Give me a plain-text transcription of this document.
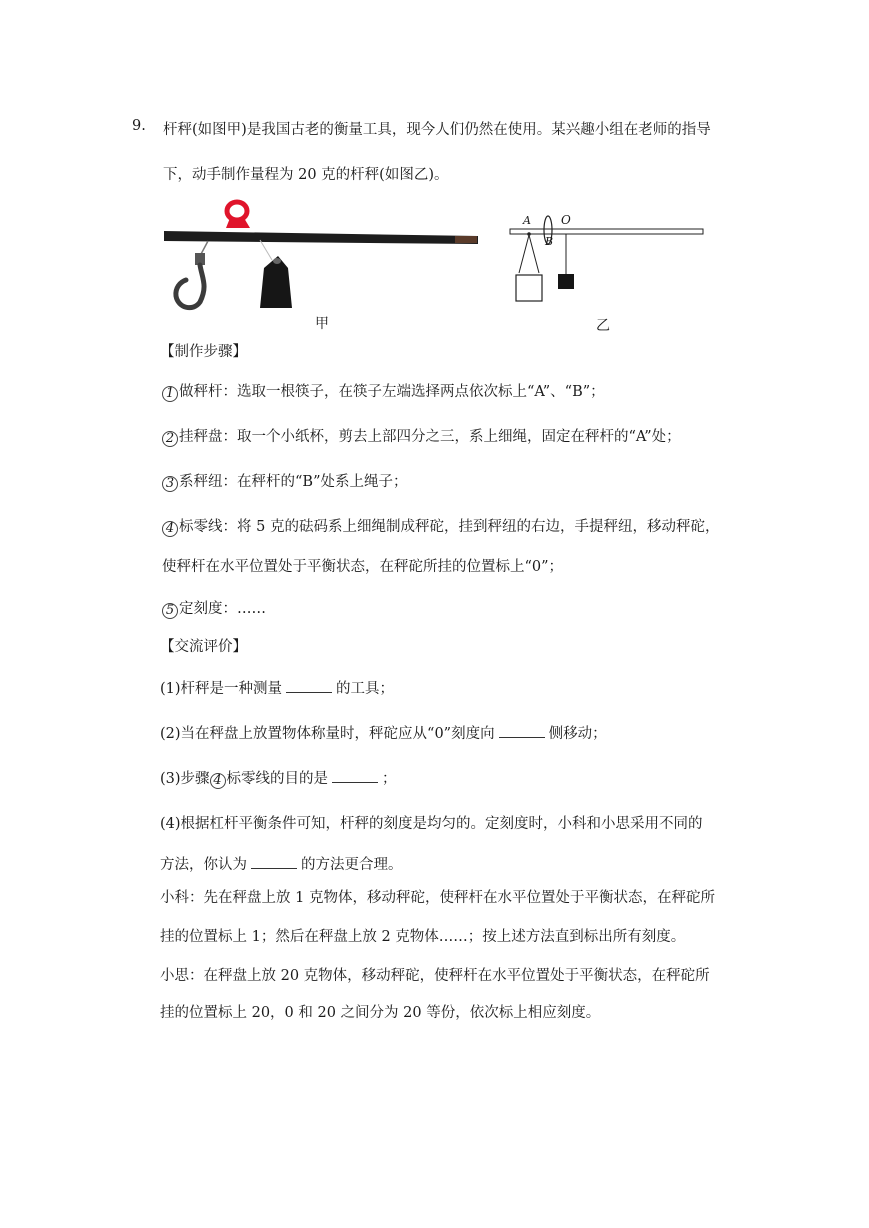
9. 杆秤(如图甲)是我国古老的衡量工具，现今人们仍然在使用。某兴趣小组在老师的指导
下，动手制作量程为 20 克的杆秤(如图乙)。
甲
A
B
O
乙
【制作步骤】
1 做秤杆：选取一根筷子，在筷子左端选择两点依次标上“A”、“B”；
2 挂秤盘：取一个小纸杯，剪去上部四分之三，系上细绳，固定在秤杆的“A”处；
3 系秤纽：在秤杆的“B”处系上绳子；
4 标零线：将 5 克的砝码系上细绳制成秤砣，挂到秤纽的右边，手提秤纽，移动秤砣，
使秤杆在水平位置处于平衡状态，在秤砣所挂的位置标上“0”；
5 定刻度：……
【交流评价】
(1)杆秤是一种测量	的工具；
(2)当在秤盘上放置物体称量时，秤砣应从“0”刻度向	侧移动；
(3)步骤 4 标零线的目的是	；
(4)根据杠杆平衡条件可知，杆秤的刻度是均匀的。定刻度时，小科和小思采用不同的
方法，你认为	的方法更合理。
小科：先在秤盘上放 1 克物体，移动秤砣，使秤杆在水平位置处于平衡状态，在秤砣所
挂的位置标上 1；然后在秤盘上放 2 克物体……；按上述方法直到标出所有刻度。
小思：在秤盘上放 20 克物体，移动秤砣，使秤杆在水平位置处于平衡状态，在秤砣所
挂的位置标上 20，0 和 20 之间分为 20 等份，依次标上相应刻度。
